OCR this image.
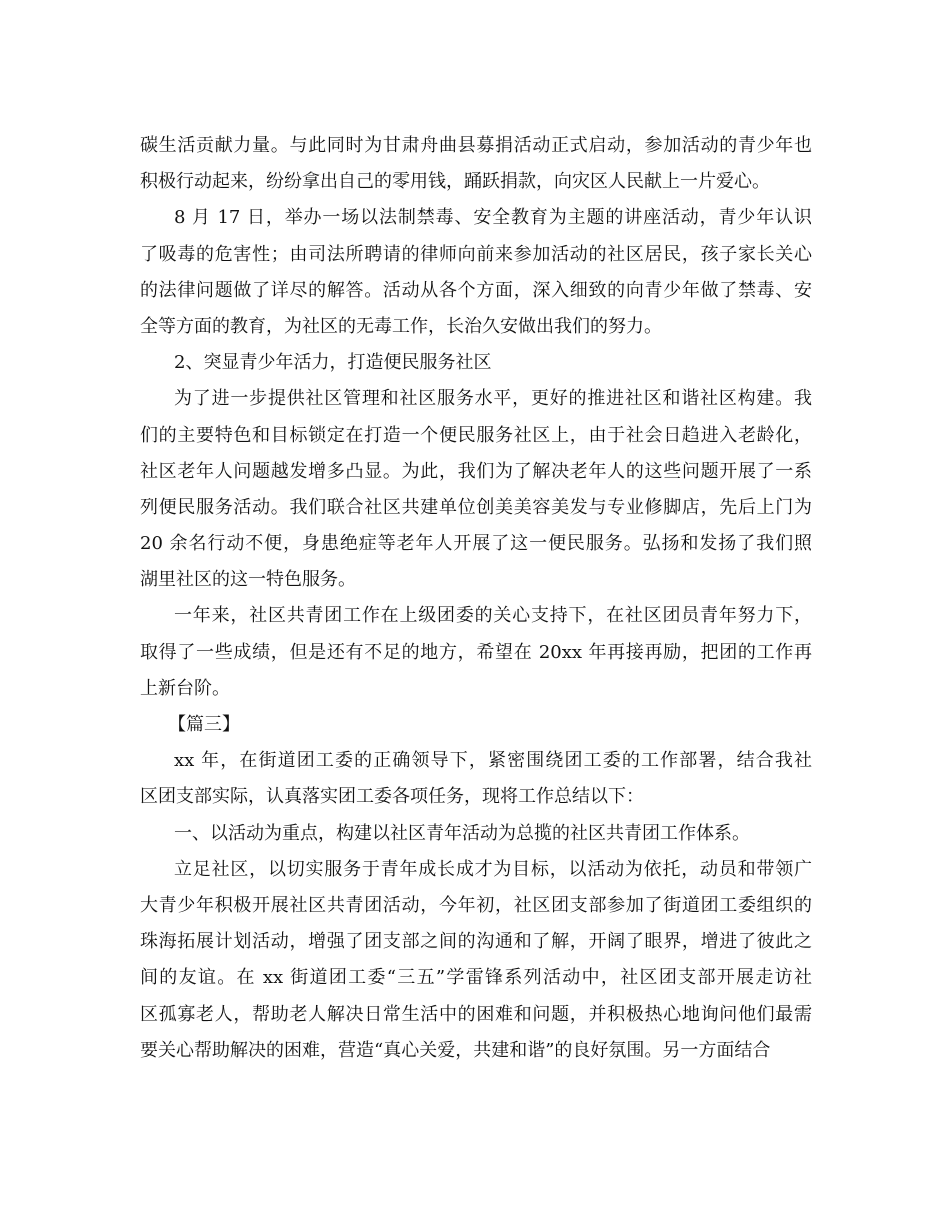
碳生活贡献力量。与此同时为甘肃舟曲县募捐活动正式启动，参加活动的青少年也
积极行动起来，纷纷拿出自己的零用钱，踊跃捐款，向灾区人民献上一片爱心。
8 月 17 日，举办一场以法制禁毒、安全教育为主题的讲座活动，青少年认识
了吸毒的危害性；由司法所聘请的律师向前来参加活动的社区居民，孩子家长关心
的法律问题做了详尽的解答。活动从各个方面，深入细致的向青少年做了禁毒、安
全等方面的教育，为社区的无毒工作，长治久安做出我们的努力。
2、突显青少年活力，打造便民服务社区
为了进一步提供社区管理和社区服务水平，更好的推进社区和谐社区构建。我
们的主要特色和目标锁定在打造一个便民服务社区上，由于社会日趋进入老龄化，
社区老年人问题越发增多凸显。为此，我们为了解决老年人的这些问题开展了一系
列便民服务活动。我们联合社区共建单位创美美容美发与专业修脚店，先后上门为
20 余名行动不便，身患绝症等老年人开展了这一便民服务。弘扬和发扬了我们照
湖里社区的这一特色服务。
一年来，社区共青团工作在上级团委的关心支持下，在社区团员青年努力下，
取得了一些成绩，但是还有不足的地方，希望在 20xx 年再接再励，把团的工作再
上新台阶。
【篇三】
xx 年，在街道团工委的正确领导下，紧密围绕团工委的工作部署，结合我社
区团支部实际，认真落实团工委各项任务，现将工作总结以下：
一、以活动为重点，构建以社区青年活动为总揽的社区共青团工作体系。
立足社区，以切实服务于青年成长成才为目标，以活动为依托，动员和带领广
大青少年积极开展社区共青团活动，今年初，社区团支部参加了街道团工委组织的
珠海拓展计划活动，增强了团支部之间的沟通和了解，开阔了眼界，增进了彼此之
间的友谊。在 xx 街道团工委“三五”学雷锋系列活动中，社区团支部开展走访社
区孤寡老人，帮助老人解决日常生活中的困难和问题，并积极热心地询问他们最需
要关心帮助解决的困难，营造“真心关爱，共建和谐”的良好氛围。另一方面结合
